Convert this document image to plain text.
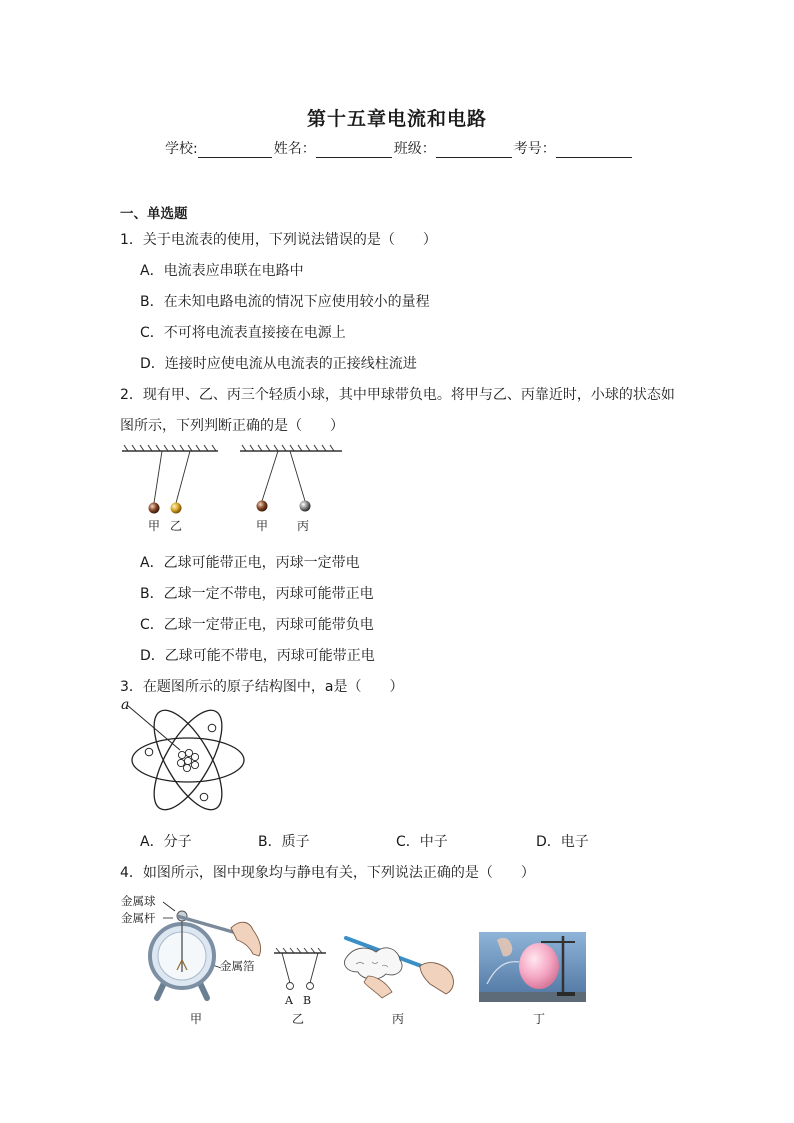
第十五章电流和电路
学校:	姓名：	班级：	考号：
一、单选题
1．关于电流表的使用，下列说法错误的是（　　）
A．电流表应串联在电路中
B．在未知电路电流的情况下应使用较小的量程
C．不可将电流表直接接在电源上
D．连接时应使电流从电流表的正接线柱流进
2．现有甲、乙、丙三个轻质小球，其中甲球带负电。将甲与乙、丙靠近时，小球的状态如
图所示，下列判断正确的是（　　）
甲 乙	甲 丙
A．乙球可能带正电，丙球一定带电
B．乙球一定不带电，丙球可能带正电
C．乙球一定带正电，丙球可能带负电
D．乙球可能不带电，丙球可能带正电
3．在题图所示的原子结构图中，a是（　　）
a
A．分子	B．质子	C．中子	D．电子
4．如图所示，图中现象均与静电有关，下列说法正确的是（　　）
金属球
金属杆
金属箔
甲
A B
乙	丙	丁
